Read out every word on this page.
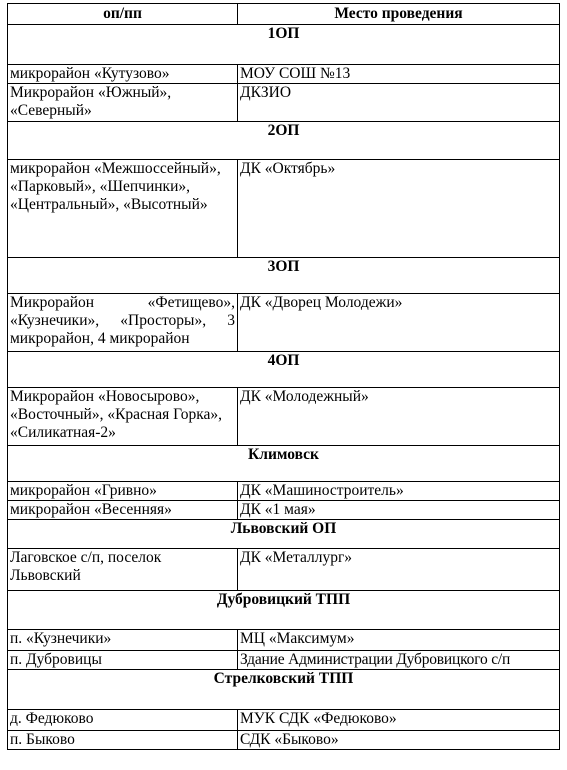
оп/пп	Место проведения
1ОП	
микрорайон «Кутузово»	МОУ СОШ №13
Микрорайон «Южный», «Северный»	ДКЗИО
2ОП	
микрорайон «Межшоссейный», «Парковый», «Шепчинки», «Центральный», «Высотный»	ДК «Октябрь»
3ОП	
Микрорайон «Фетищево», «Кузнечики», «Просторы», 3 микрорайон, 4 микрорайон	ДК «Дворец Молодежи»
4ОП	
Микрорайон «Новосырово», «Восточный», «Красная Горка», «Силикатная-2»	ДК «Молодежный»
Климовск	
микрорайон «Гривно»	ДК «Машиностроитель»
микрорайон «Весенняя»	ДК «1 мая»
Львовский ОП	
Лаговское с/п, поселок Львовский	ДК «Металлург»
Дубровицкий ТПП	
п. «Кузнечики»	МЦ «Максимум»
п. Дубровицы	Здание Администрации Дубровицкого с/п
Стрелковский ТПП	
д. Федюково	МУК СДК «Федюково»
п. Быково	СДК «Быково»
